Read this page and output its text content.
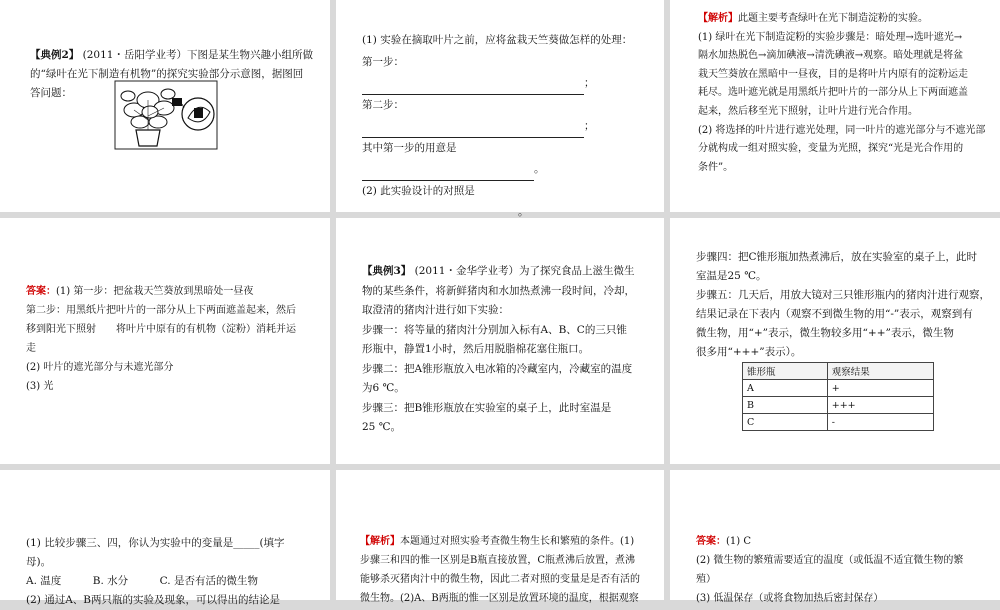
【典例2】 (2011・岳阳学业考）下图是某生物兴趣小组所做

的“绿叶在光下制造有机物”的探究实验部分示意图，据图回

答问题：

(1) 实验在摘取叶片之前，应将盆栽天竺葵做怎样的处理：

第一步：

；

第二步：

；

其中第一步的用意是

。

(2) 此实验设计的对照是

。

【解析】此题主要考查绿叶在光下制造淀粉的实验。

(1) 绿叶在光下制造淀粉的实验步骤是：暗处理→选叶遮光→

隔水加热脱色→滴加碘液→清洗碘液→观察。暗处理就是将盆

栽天竺葵放在黑暗中一昼夜，目的是将叶片内原有的淀粉运走

耗尽。选叶遮光就是用黑纸片把叶片的一部分从上下两面遮盖

起来，然后移至光下照射，让叶片进行光合作用。

(2) 将选择的叶片进行遮光处理，同一叶片的遮光部分与不遮光部

分就构成一组对照实验，变量为光照，探究“光是光合作用的

条件”。

答案：(1) 第一步：把盆栽天竺葵放到黑暗处一昼夜

第二步：用黑纸片把叶片的一部分从上下两面遮盖起来，然后

移到阳光下照射　　将叶片中原有的有机物（淀粉）消耗并运

走

(2) 叶片的遮光部分与未遮光部分

(3) 光

【典例3】 (2011・金华学业考）为了探究食品上滋生微生

物的某些条件，将新鲜猪肉和水加热煮沸一段时间，冷却，

取澄清的猪肉汁进行如下实验：

步骤一：将等量的猪肉汁分别加入标有A、B、C的三只锥

形瓶中，静置1小时，然后用脱脂棉花塞住瓶口。

步骤二：把A锥形瓶放入电冰箱的冷藏室内，冷藏室的温度

为6 ℃。

步骤三：把B锥形瓶放在实验室的桌子上，此时室温是

25 ℃。

步骤四：把C锥形瓶加热煮沸后，放在实验室的桌子上，此时

室温是25 ℃。

步骤五：几天后，用放大镜对三只锥形瓶内的猪肉汁进行观察，

结果记录在下表内（观察不到微生物的用“-”表示，观察到有

微生物，用“+”表示，微生物较多用“++”表示，微生物

很多用“+++”表示）。

锥形瓶	观察结果
A	+
B	+++
C	-

(1) 比较步骤三、四，你认为实验中的变量是_____(填字

母)。

A. 温度　　　B. 水分　　　C. 是否有活的微生物

(2) 通过A、B两只瓶的实验及现象，可以得出的结论是

【解析】本题通过对照实验考查微生物生长和繁殖的条件。(1)

步骤三和四的惟一区别是B瓶直接放置，C瓶煮沸后放置，煮沸

能够杀灭猪肉汁中的微生物，因此二者对照的变量是是否有活的

微生物。(2)A、B两瓶的惟一区别是放置环境的温度，根据观察

答案：(1) C

(2) 微生物的繁殖需要适宜的温度（或低温不适宜微生物的繁

殖）

(3) 低温保存（或将食物加热后密封保存）
